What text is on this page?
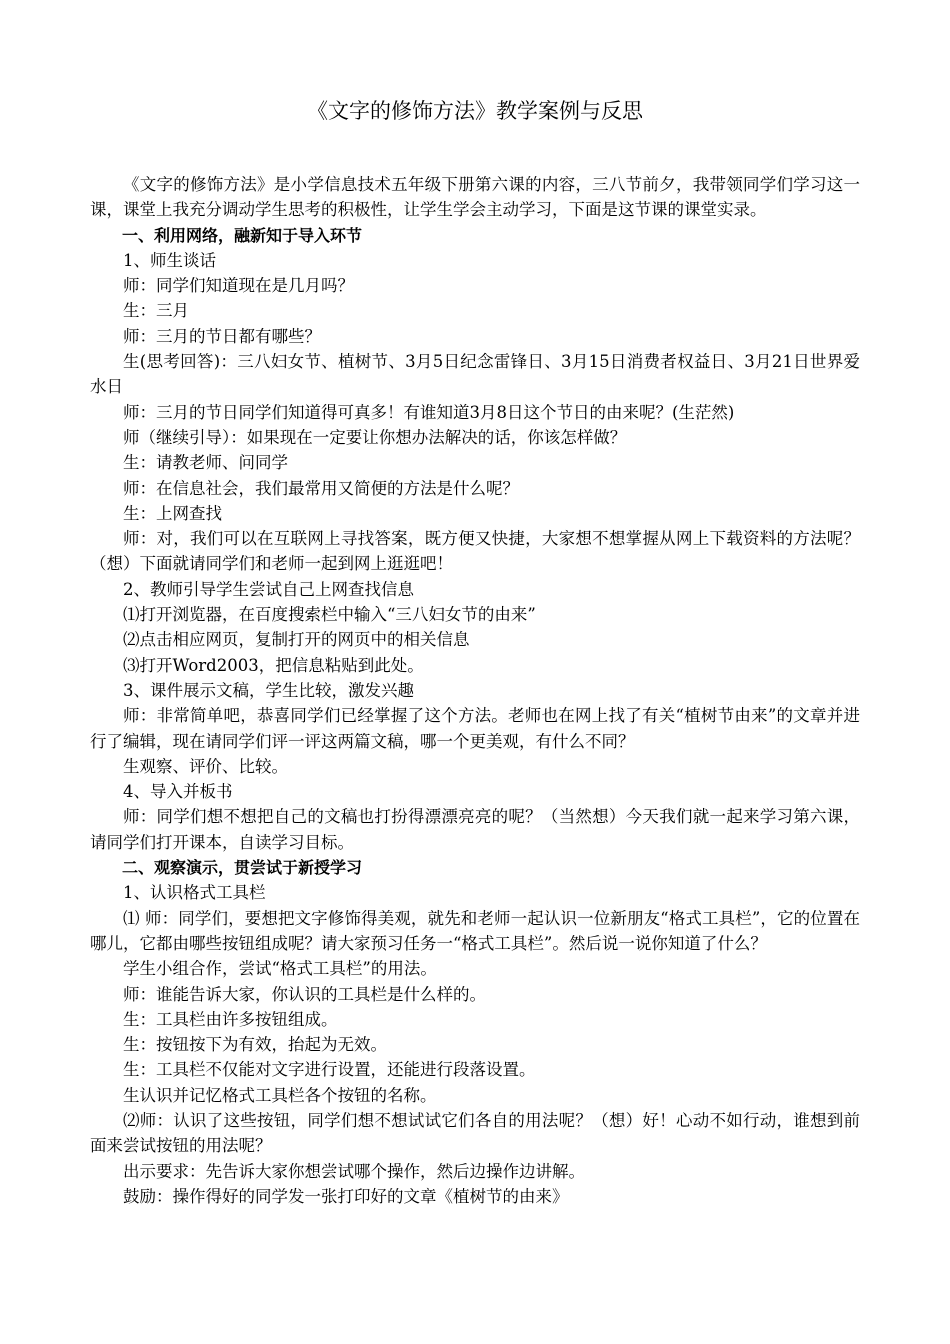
《文字的修饰方法》教学案例与反思

《文字的修饰方法》是小学信息技术五年级下册第六课的内容，三八节前夕，我带领同学们学习这一课，课堂上我充分调动学生思考的积极性，让学生学会主动学习，下面是这节课的课堂实录。

一、利用网络，融新知于导入环节

1、师生谈话

师：同学们知道现在是几月吗？

生：三月

师：三月的节日都有哪些？

生(思考回答)：三八妇女节、植树节、3月5日纪念雷锋日、3月15日消费者权益日、3月21日世界爱水日

师：三月的节日同学们知道得可真多！有谁知道3月8日这个节日的由来呢？(生茫然)

师（继续引导）：如果现在一定要让你想办法解决的话，你该怎样做？

生：请教老师、问同学

师：在信息社会，我们最常用又简便的方法是什么呢？

生：上网查找

师：对，我们可以在互联网上寻找答案，既方便又快捷，大家想不想掌握从网上下载资料的方法呢？（想）下面就请同学们和老师一起到网上逛逛吧！

2、教师引导学生尝试自己上网查找信息

⑴打开浏览器，在百度搜索栏中输入“三八妇女节的由来”

⑵点击相应网页，复制打开的网页中的相关信息

⑶打开Word2003，把信息粘贴到此处。

3、课件展示文稿，学生比较，激发兴趣

师：非常简单吧，恭喜同学们已经掌握了这个方法。老师也在网上找了有关“植树节由来”的文章并进行了编辑，现在请同学们评一评这两篇文稿，哪一个更美观，有什么不同？

生观察、评价、比较。

4、导入并板书

师：同学们想不想把自己的文稿也打扮得漂漂亮亮的呢？（当然想）今天我们就一起来学习第六课，请同学们打开课本，自读学习目标。

二、观察演示，贯尝试于新授学习

1、认识格式工具栏

⑴ 师：同学们，要想把文字修饰得美观，就先和老师一起认识一位新朋友“格式工具栏”，它的位置在哪儿，它都由哪些按钮组成呢？请大家预习任务一“格式工具栏”。然后说一说你知道了什么？

学生小组合作，尝试“格式工具栏”的用法。

师：谁能告诉大家，你认识的工具栏是什么样的。

生：工具栏由许多按钮组成。

生：按钮按下为有效，抬起为无效。

生：工具栏不仅能对文字进行设置，还能进行段落设置。

生认识并记忆格式工具栏各个按钮的名称。

⑵师：认识了这些按钮，同学们想不想试试它们各自的用法呢？（想）好！心动不如行动，谁想到前面来尝试按钮的用法呢？

出示要求：先告诉大家你想尝试哪个操作，然后边操作边讲解。

鼓励：操作得好的同学发一张打印好的文章《植树节的由来》
